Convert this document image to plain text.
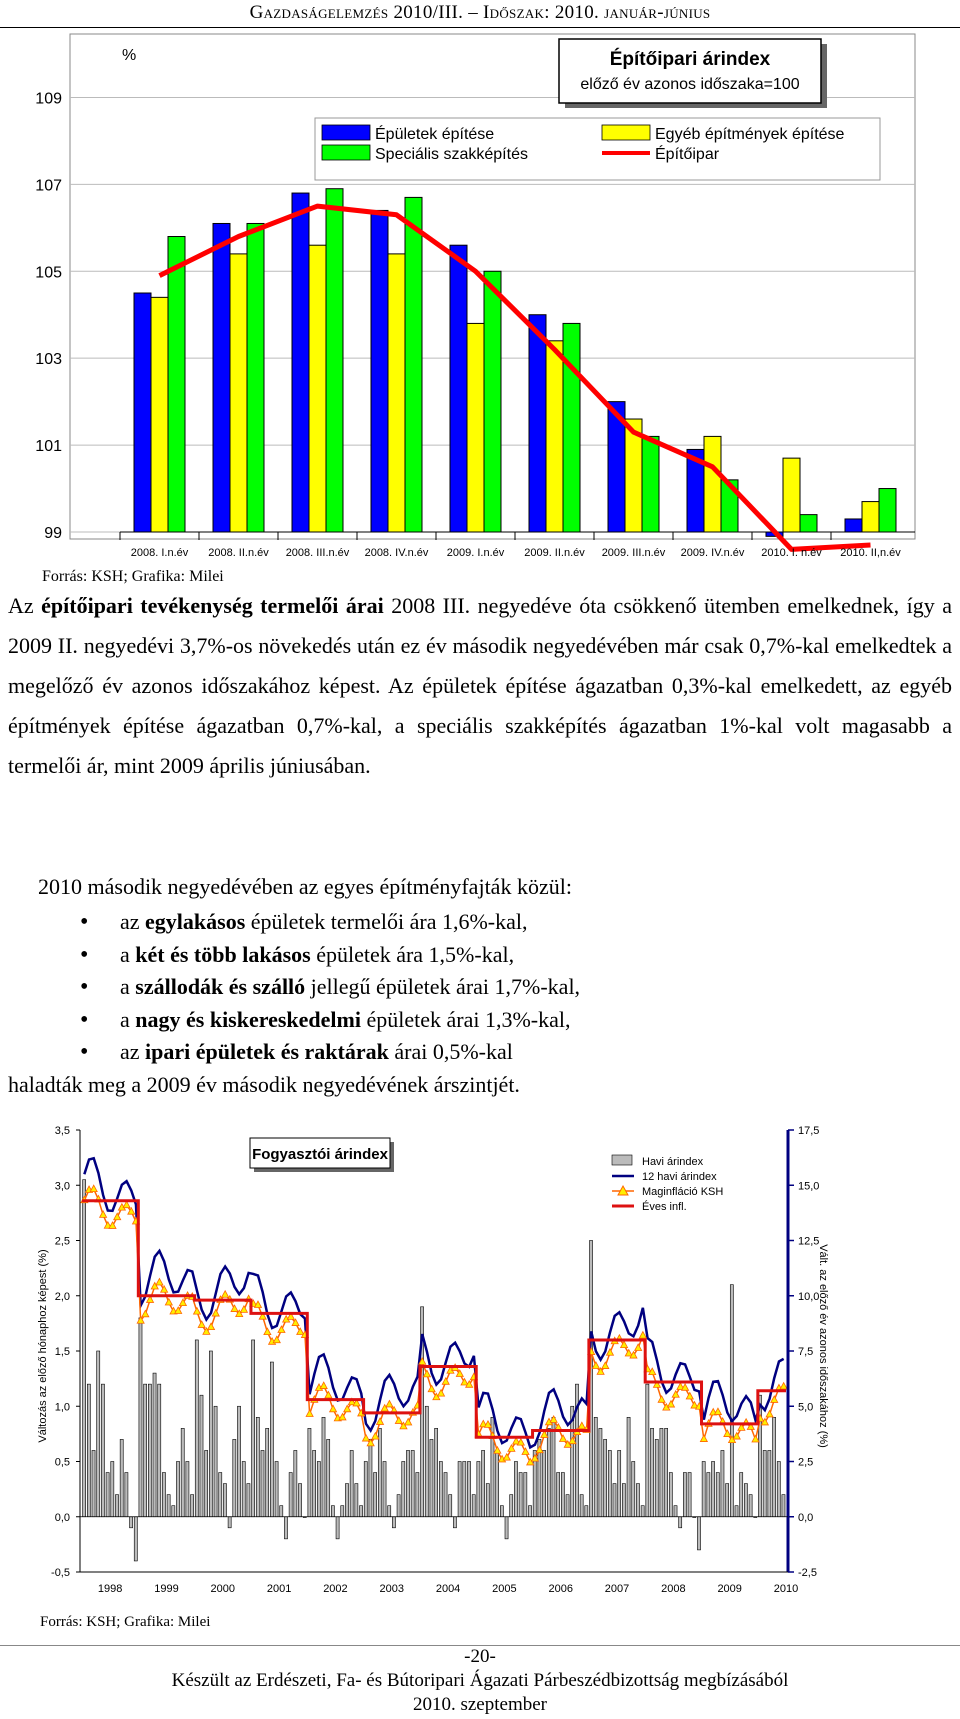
Gazdaságelemzés 2010/III. – Időszak: 2010. január-június
109
107
105
103
101
99
2008. I.n.év 2008. II.n.év 2008. III.n.év 2008. IV.n.év 2009. I.n.év 2009. II.n.év 2009. III.n.év 2009. IV.n.év 2010. I. n.év 2010. II,n.év
%	Építőipari árindex
előző év azonos időszaka=100
Épületek építése
Speciális szakképítés
Egyéb építmények építése
Építőipar
Forrás: KSH; Grafika: Milei

Az építőipari tevékenység termelői árai 2008 III. negyedéve óta csökkenő ütemben emelkednek, így a 2009 II. negyedévi 3,7%-os növekedés után ez év második negyedévében már csak 0,7%-kal emelkedtek a megelőző év azonos időszakához képest. Az épületek építése ágazatban 0,3%-kal emelkedett, az egyéb építmények építése ágazatban 0,7%-kal, a speciális szakképítés ágazatban 1%-kal volt magasabb a termelői ár, mint 2009 április júniusában.

2010 második negyedévében az egyes építményfajták közül:
• az egylakásos épületek termelői ára 1,6%-kal,
• a két és több lakásos épületek ára 1,5%-kal,
• a szállodák és szálló jellegű épületek árai 1,7%-kal,
• a nagy és kiskereskedelmi épületek árai 1,3%-kal,
• az ipari épületek és raktárak árai 0,5%-kal
haladták meg a 2009 év második negyedévének árszintjét.
3,5
3,0
2,5
2,0
1,5
1,0
0,5
0,0
-0,5
17,5
15,0
12,5
10,0
7,5
5,0
2,5
0,0
-2,5
1998	1999	2000	2001	2002	2003	2004	2005	2006	2007	2008	2009	2010
Változás az előző hónaphoz képest (%)	Vált. az előző év azonos időszakához (%)
Fogyasztói árindex	Havi árindex
12 havi árindex
Maginfláció KSH
Éves infl.
Forrás: KSH; Grafika: Milei
-20-
Készült az Erdészeti, Fa- és Bútoripari Ágazati Párbeszédbizottság megbízásából
2010. szeptember
